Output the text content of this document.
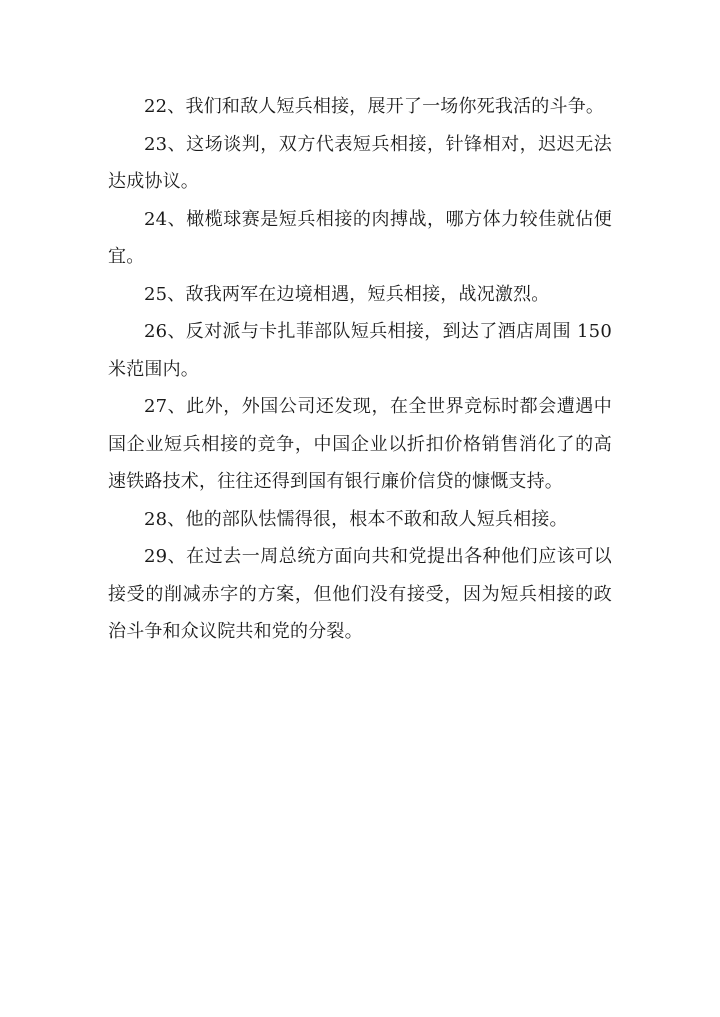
22、我们和敌人短兵相接，展开了一场你死我活的斗争。

23、这场谈判，双方代表短兵相接，针锋相对，迟迟无法达成协议。

24、橄榄球赛是短兵相接的肉搏战，哪方体力较佳就佔便宜。

25、敌我两军在边境相遇，短兵相接，战况激烈。

26、反对派与卡扎菲部队短兵相接，到达了酒店周围 150 米范围内。

27、此外，外国公司还发现，在全世界竞标时都会遭遇中国企业短兵相接的竞争，中国企业以折扣价格销售消化了的高速铁路技术，往往还得到国有银行廉价信贷的慷慨支持。

28、他的部队怯懦得很，根本不敢和敌人短兵相接。

29、在过去一周总统方面向共和党提出各种他们应该可以接受的削减赤字的方案，但他们没有接受，因为短兵相接的政治斗争和众议院共和党的分裂。
